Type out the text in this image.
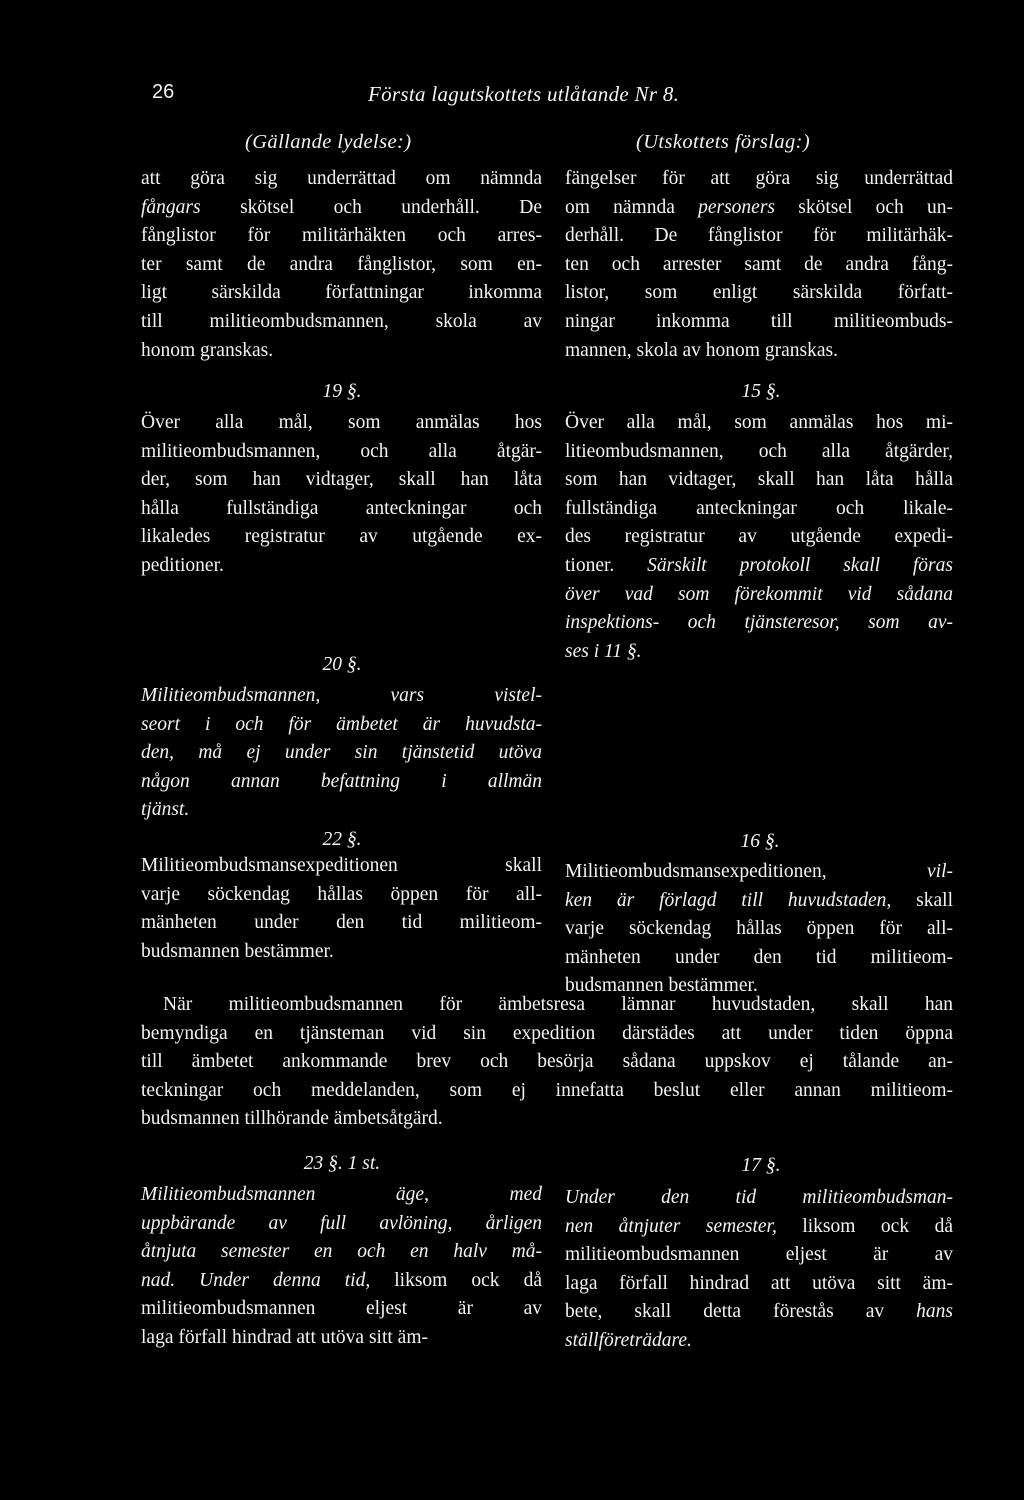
26	Första lagutskottets utlåtande Nr 8.
(Gällande lydelse:)	(Utskottets förslag:)
att göra sig underrättad om nämnda
fångars skötsel och underhåll. De
fånglistor för militärhäkten och arres-
ter samt de andra fånglistor, som en-
ligt särskilda författningar inkomma
till militieombudsmannen, skola av
honom granskas.
fängelser för att göra sig underrättad
om nämnda personers skötsel och un-
derhåll. De fånglistor för militärhäk-
ten och arrester samt de andra fång-
listor, som enligt särskilda författ-
ningar inkomma till militieombuds-
mannen, skola av honom granskas.
19 §.
Över alla mål, som anmälas hos
militieombudsmannen, och alla åtgär-
der, som han vidtager, skall han låta
hålla fullständiga anteckningar och
likaledes registratur av utgående ex-
peditioner.
15 §.
Över alla mål, som anmälas hos mi-
litieombudsmannen, och alla åtgärder,
som han vidtager, skall han låta hålla
fullständiga anteckningar och likale-
des registratur av utgående expedi-
tioner. Särskilt protokoll skall föras
över vad som förekommit vid sådana
inspektions- och tjänsteresor, som av-
ses i 11 §.
20 §.
Militieombudsmannen, vars vistel-
seort i och för ämbetet är huvudsta-
den, må ej under sin tjänstetid utöva
någon annan befattning i allmän
tjänst.
22 §.
Militieombudsmansexpeditionen skall
varje söckendag hållas öppen för all-
mänheten under den tid militieom-
budsmannen bestämmer.
16 §.
Militieombudsmansexpeditionen, vil-
ken är förlagd till huvudstaden, skall
varje söckendag hållas öppen för all-
mänheten under den tid militieom-
budsmannen bestämmer.
När militieombudsmannen för ämbetsresa lämnar huvudstaden, skall han
bemyndiga en tjänsteman vid sin expedition därstädes att under tiden öppna
till ämbetet ankommande brev och besörja sådana uppskov ej tålande an-
teckningar och meddelanden, som ej innefatta beslut eller annan militieom-
budsmannen tillhörande ämbetsåtgärd.
23 §. 1 st.
Militieombudsmannen äge, med
uppbärande av full avlöning, årligen
åtnjuta semester en och en halv må-
nad. Under denna tid, liksom ock då
militieombudsmannen eljest är av
laga förfall hindrad att utöva sitt äm-
17 §.
Under den tid militieombudsman-
nen åtnjuter semester, liksom ock då
militieombudsmannen eljest är av
laga förfall hindrad att utöva sitt äm-
bete, skall detta förestås av hans
ställföreträdare.
